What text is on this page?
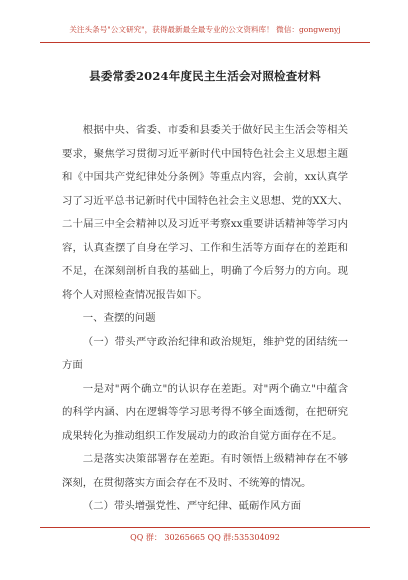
关注头条号"公文研究"，获得最新最全最专业的公文资料库！ 微信：gongwenyj
县委常委2024年度民主生活会对照检查材料

根据中央、省委、市委和县委关于做好民主生活会等相关要求，聚焦学习贯彻习近平新时代中国特色社会主义思想主题和《中国共产党纪律处分条例》等重点内容，会前，xx认真学习了习近平总书记新时代中国特色社会主义思想、党的XX大、二十届三中全会精神以及习近平考察xx重要讲话精神等学习内容，认真查摆了自身在学习、工作和生活等方面存在的差距和不足，在深刻剖析自我的基础上，明确了今后努力的方向。现将个人对照检查情况报告如下。

一、查摆的问题

（一）带头严守政治纪律和政治规矩，维护党的团结统一方面

一是对"两个确立"的认识存在差距。对"两个确立"中蕴含的科学内涵、内在逻辑等学习思考得不够全面透彻，在把研究成果转化为推动组织工作发展动力的政治自觉方面存在不足。

二是落实决策部署存在差距。有时领悟上级精神存在不够深刻，在贯彻落实方面会存在不及时、不统筹的情况。

（二）带头增强党性、严守纪律、砥砺作风方面

QQ 群： 30265665 QQ 群:535304092
